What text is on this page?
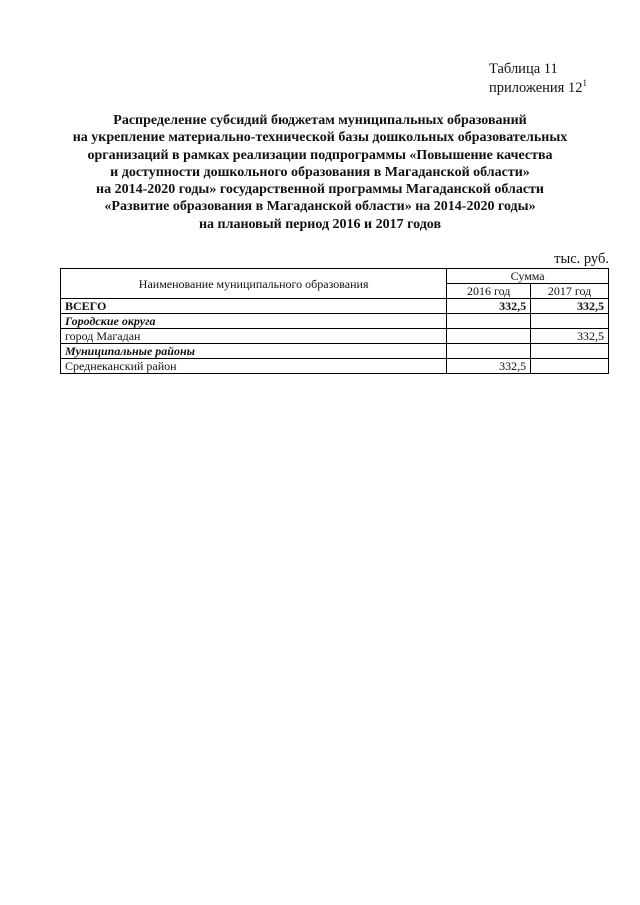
Таблица 11
приложения $12^1$
Распределение субсидий бюджетам муниципальных образований
на укрепление материально-технической базы дошкольных образовательных
организаций в рамках реализации подпрограммы «Повышение качества
и доступности дошкольного образования в Магаданской области»
на 2014-2020 годы» государственной программы Магаданской области
«Развитие образования в Магаданской области» на 2014-2020 годы»
на плановый период 2016 и 2017 годов
тыс. руб.
Наименование муниципального образования	Сумма	
	2016 год	2017 год
ВСЕГО	332,5	332,5
Городские округа		
город Магадан		332,5
Муниципальные районы		
Среднеканский район	332,5	
